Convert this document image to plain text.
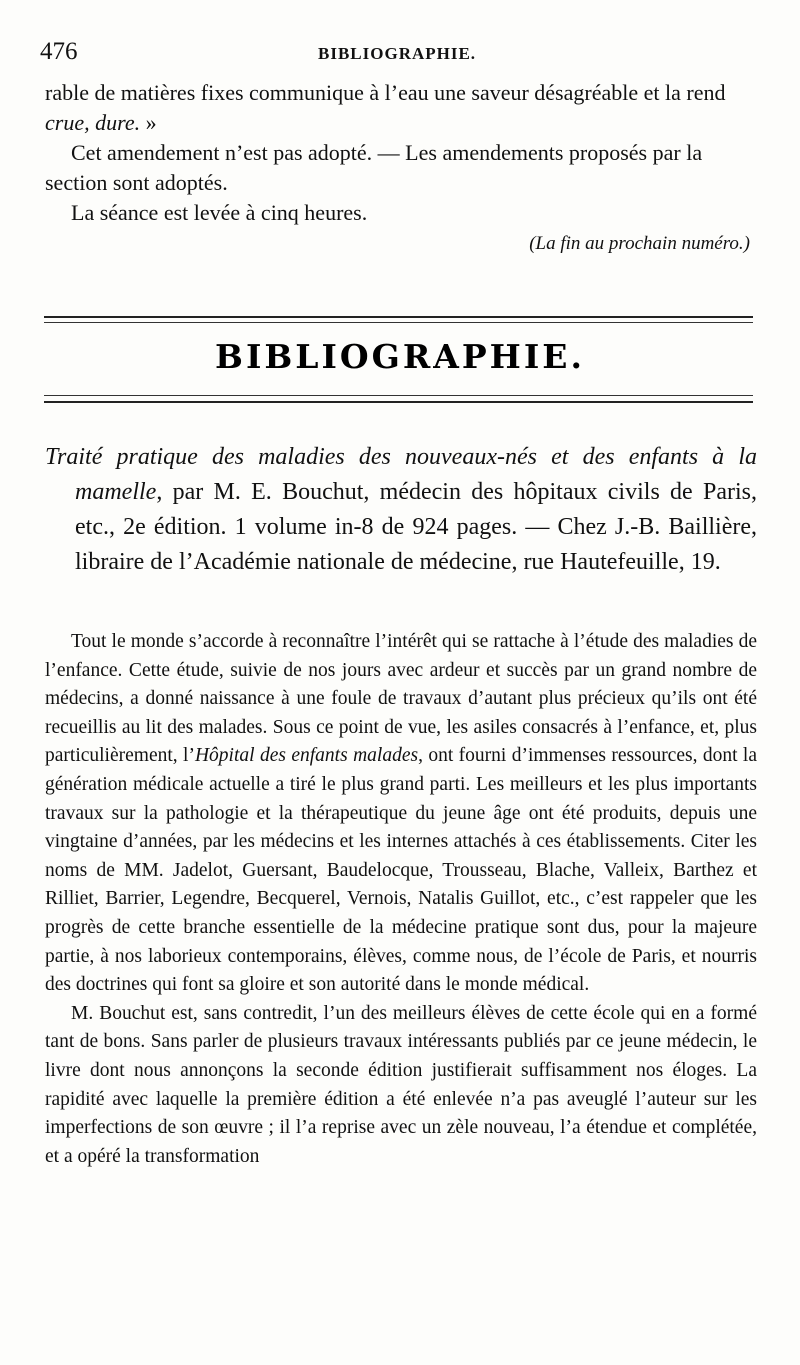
476	BIBLIOGRAPHIE.

rable de matières fixes communique à l’eau une saveur désagréable et la rend crue, dure. »

Cet amendement n’est pas adopté. — Les amendements proposés par la section sont adoptés.

La séance est levée à cinq heures.

(La fin au prochain numéro.)
BIBLIOGRAPHIE.

Traité pratique des maladies des nouveaux-nés et des enfants à la mamelle, par M. E. Bouchut, médecin des hôpitaux civils de Paris, etc., 2e édition. 1 volume in-8 de 924 pages. — Chez J.-B. Baillière, libraire de l’Académie nationale de médecine, rue Hautefeuille, 19.

Tout le monde s’accorde à reconnaître l’intérêt qui se rattache à l’étude des maladies de l’enfance. Cette étude, suivie de nos jours avec ardeur et succès par un grand nombre de médecins, a donné naissance à une foule de travaux d’autant plus précieux qu’ils ont été recueillis au lit des malades. Sous ce point de vue, les asiles consacrés à l’enfance, et, plus particulièrement, l’Hôpital des enfants malades, ont fourni d’immenses ressources, dont la génération médicale actuelle a tiré le plus grand parti. Les meilleurs et les plus importants travaux sur la pathologie et la thérapeutique du jeune âge ont été produits, depuis une vingtaine d’années, par les médecins et les internes attachés à ces établissements. Citer les noms de MM. Jadelot, Guersant, Baudelocque, Trousseau, Blache, Valleix, Barthez et Rilliet, Barrier, Legendre, Becquerel, Vernois, Natalis Guillot, etc., c’est rappeler que les progrès de cette branche essentielle de la médecine pratique sont dus, pour la majeure partie, à nos laborieux contemporains, élèves, comme nous, de l’école de Paris, et nourris des doctrines qui font sa gloire et son autorité dans le monde médical.

M. Bouchut est, sans contredit, l’un des meilleurs élèves de cette école qui en a formé tant de bons. Sans parler de plusieurs travaux intéressants publiés par ce jeune médecin, le livre dont nous annonçons la seconde édition justifierait suffisamment nos éloges. La rapidité avec laquelle la première édition a été enlevée n’a pas aveuglé l’auteur sur les imperfections de son œuvre ; il l’a reprise avec un zèle nouveau, l’a étendue et complétée, et a opéré la transformation
